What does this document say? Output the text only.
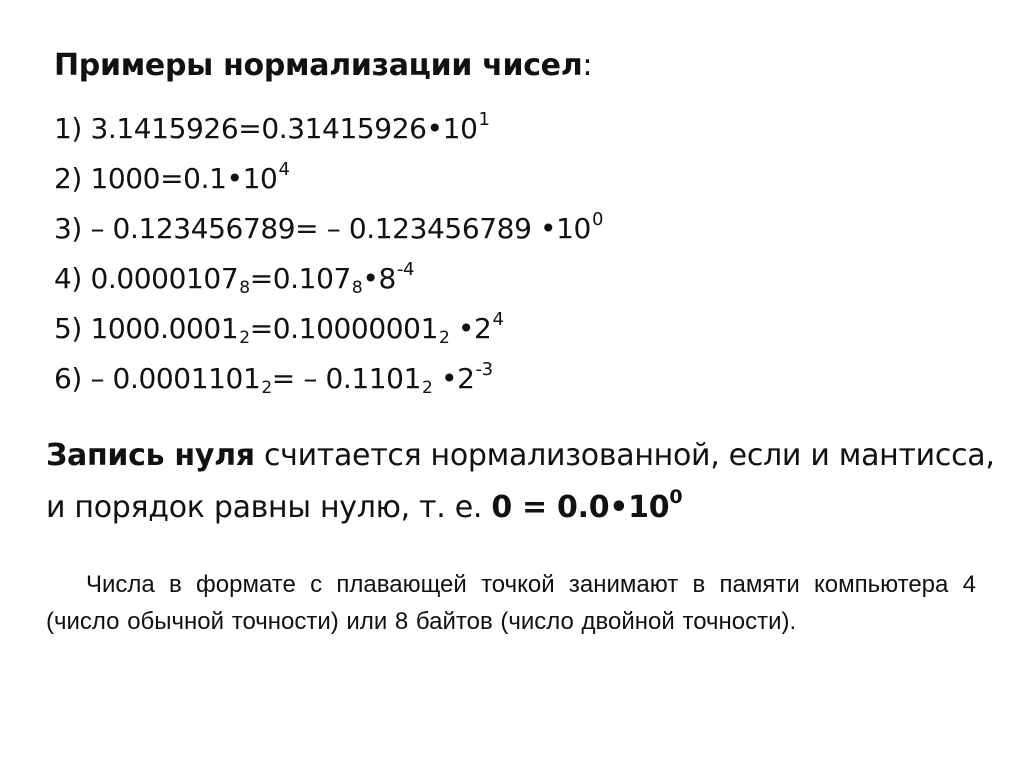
Примеры нормализации чисел:
1) $3.1415926=0.31415926•10^1$
2) $1000=0.1•10^4$
3) – 0.123456789= – 0.123456789 $•10^0$
4) $0.0000107_8=0.107_8•8^{-4}$
5) $1000.0001_2=0.10000001_2$ $•2^4$
$6) - 0.0001101_2= - 0.1101_2$ $•2^{-3}$
Запись нуля считается нормализованной, если и мантисса, и порядок равны нулю, т. е. $0 = 0.0•10^0$
Числа в формате с плавающей точкой занимают в памяти компьютера 4 (число обычной точности) или 8 байтов (число двойной точности).
